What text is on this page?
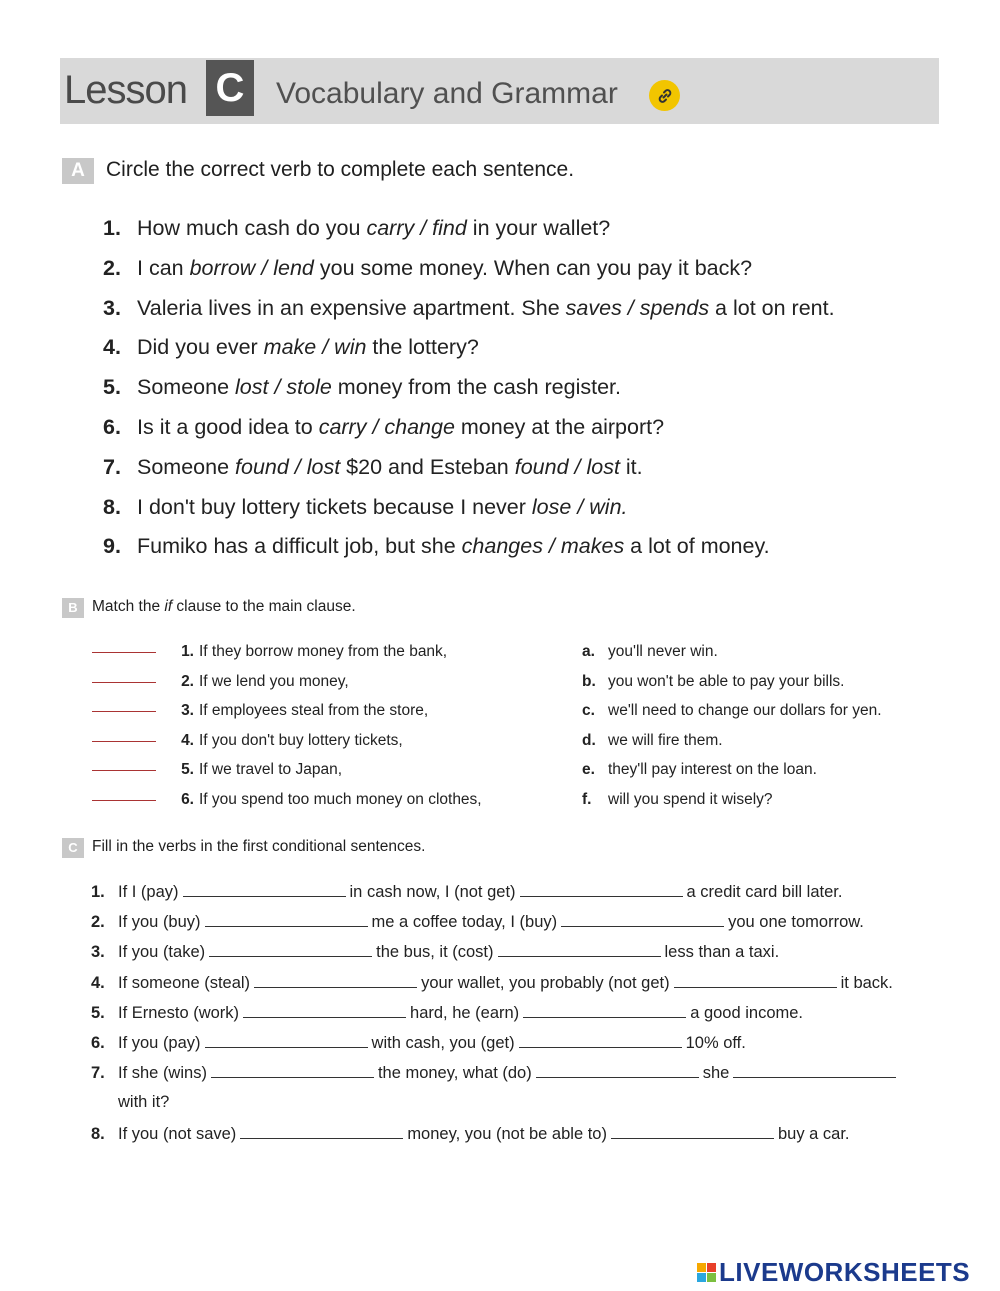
Lesson C	Vocabulary and Grammar
A	Circle the correct verb to complete each sentence.
1. How much cash do you carry / find in your wallet?
2. I can borrow / lend you some money. When can you pay it back?
3. Valeria lives in an expensive apartment. She saves / spends a lot on rent.
4. Did you ever make / win the lottery?
5. Someone lost / stole money from the cash register.
6. Is it a good idea to carry / change money at the airport?
7. Someone found / lost $20 and Esteban found / lost it.
8. I don't buy lottery tickets because I never lose / win.
9. Fumiko has a difficult job, but she changes / makes a lot of money.
B Match the if clause to the main clause.
1. If they borrow money from the bank,
2. If we lend you money,
3. If employees steal from the store,
4. If you don't buy lottery tickets,
5. If we travel to Japan,
6. If you spend too much money on clothes,
a. you'll never win.
b. you won't be able to pay your bills.
c. we'll need to change our dollars for yen.
d. we will fire them.
e. they'll pay interest on the loan.
f. will you spend it wisely?
C Fill in the verbs in the first conditional sentences.
1. If I (pay)	in cash now, I (not get)	a credit card bill later.
2. If you (buy)	me a coffee today, I (buy)	you one tomorrow.
3. If you (take)	the bus, it (cost)	less than a taxi.
4. If someone (steal)	your wallet, you probably (not get)	it back.
5. If Ernesto (work)	hard, he (earn)	a good income.
6. If you (pay)	with cash, you (get)	10% off.
7. If she (wins)	the money, what (do)	she
with it?
8. If you (not save)	money, you (not be able to)	buy a car.
LIVEWORKSHEETS
